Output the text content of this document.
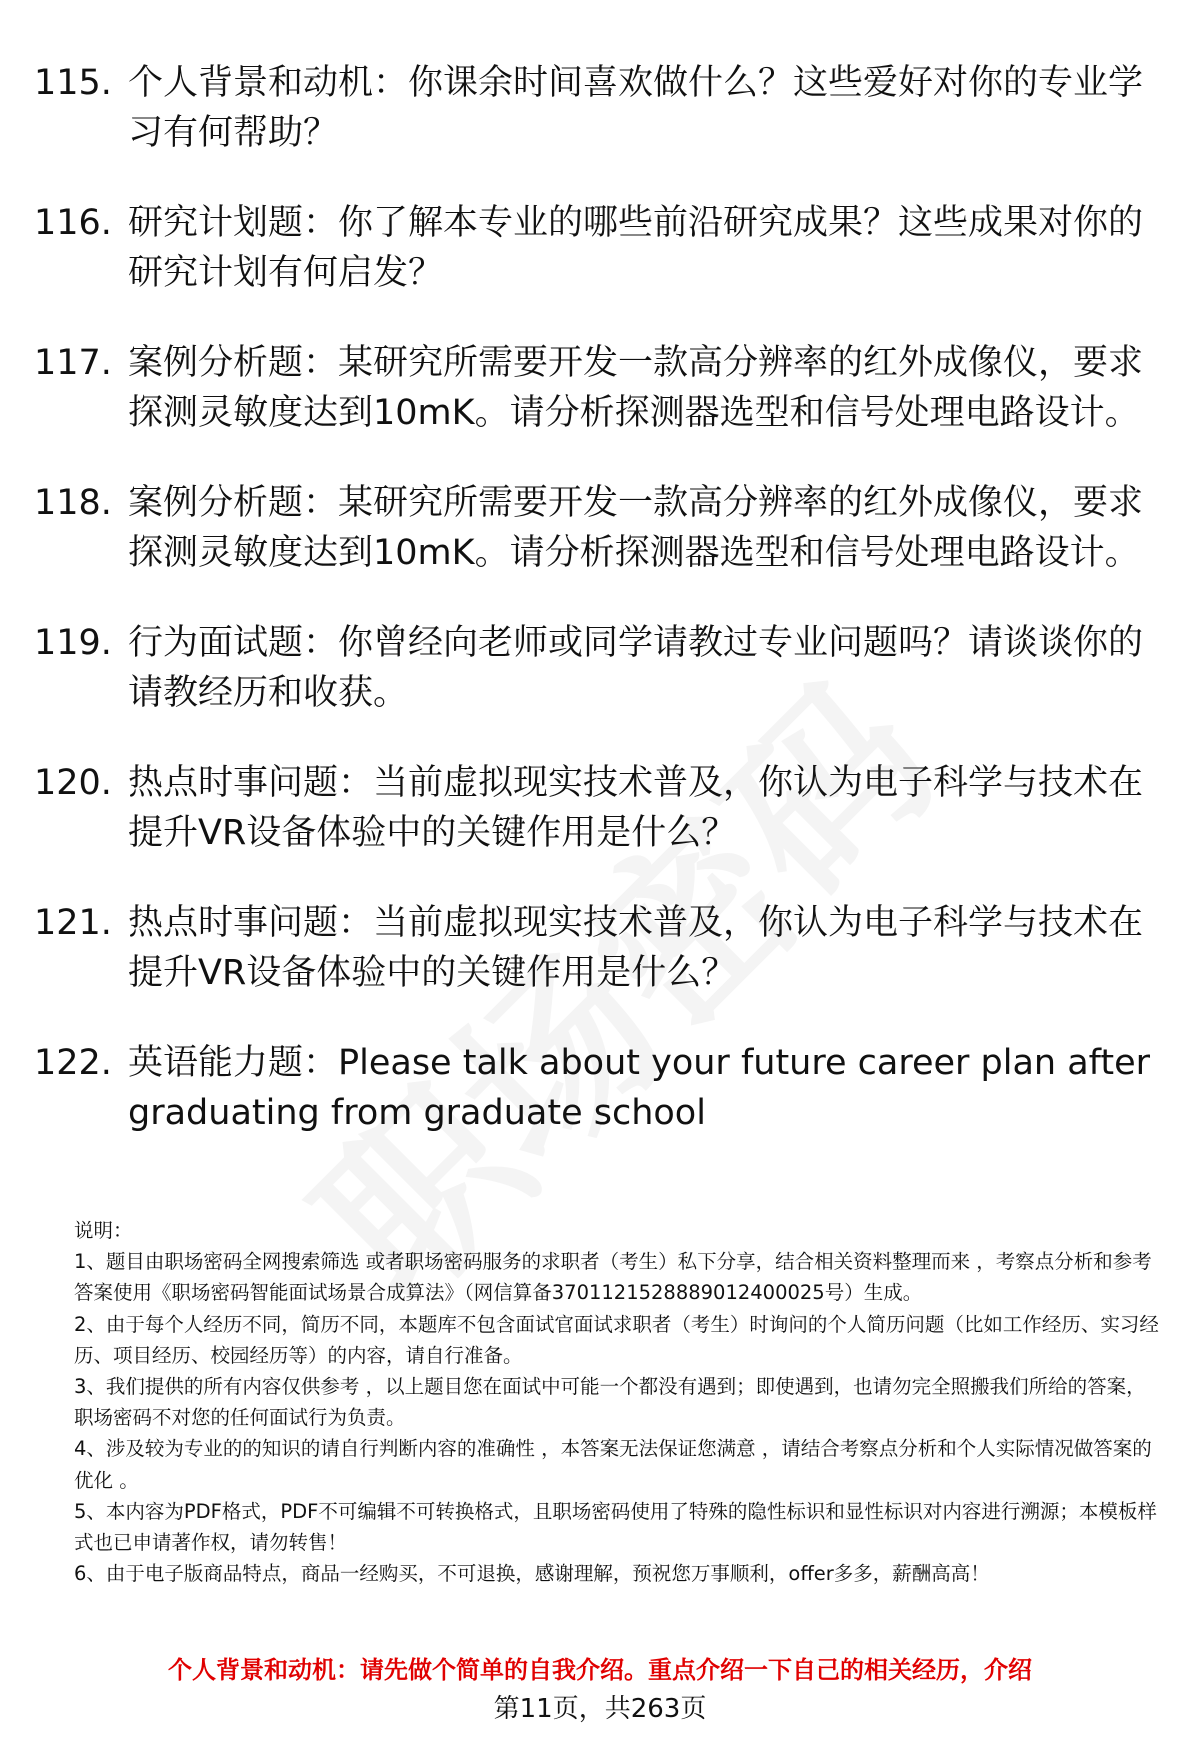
115. 个人背景和动机：你课余时间喜欢做什么？这些爱好对你的专业学习有何帮助？
116. 研究计划题：你了解本专业的哪些前沿研究成果？这些成果对你的研究计划有何启发？
117. 案例分析题：某研究所需要开发一款高分辨率的红外成像仪，要求探测灵敏度达到10mK。请分析探测器选型和信号处理电路设计。
118. 案例分析题：某研究所需要开发一款高分辨率的红外成像仪，要求探测灵敏度达到10mK。请分析探测器选型和信号处理电路设计。
119. 行为面试题：你曾经向老师或同学请教过专业问题吗？请谈谈你的请教经历和收获。
120. 热点时事问题：当前虚拟现实技术普及，你认为电子科学与技术在提升VR设备体验中的关键作用是什么？
121. 热点时事问题：当前虚拟现实技术普及，你认为电子科学与技术在提升VR设备体验中的关键作用是什么？
122. 英语能力题：Please talk about your future career plan after graduating from graduate school

说明：

1、题目由职场密码全网搜索筛选 或者职场密码服务的求职者（考生）私下分享，结合相关资料整理而来 ，考察点分析和参考答案使用《职场密码智能面试场景合成算法》（网信算备3701121528889012400025号）生成。

2、由于每个人经历不同，简历不同，本题库不包含面试官面试求职者（考生）时询问的个人简历问题（比如工作经历、实习经历、项目经历、校园经历等）的内容，请自行准备。

3、我们提供的所有内容仅供参考 ，以上题目您在面试中可能一个都没有遇到；即使遇到，也请勿完全照搬我们所给的答案，职场密码不对您的任何面试行为负责。

4、涉及较为专业的的知识的请自行判断内容的准确性 ，本答案无法保证您满意 ，请结合考察点分析和个人实际情况做答案的优化 。

5、本内容为PDF格式，PDF不可编辑不可转换格式，且职场密码使用了特殊的隐性标识和显性标识对内容进行溯源；本模板样式也已申请著作权，请勿转售！

6、由于电子版商品特点，商品一经购买，不可退换，感谢理解，预祝您万事顺利，offer多多，薪酬高高！

个人背景和动机：请先做个简单的自我介绍。重点介绍一下自己的相关经历，介绍
第11页，共263页
